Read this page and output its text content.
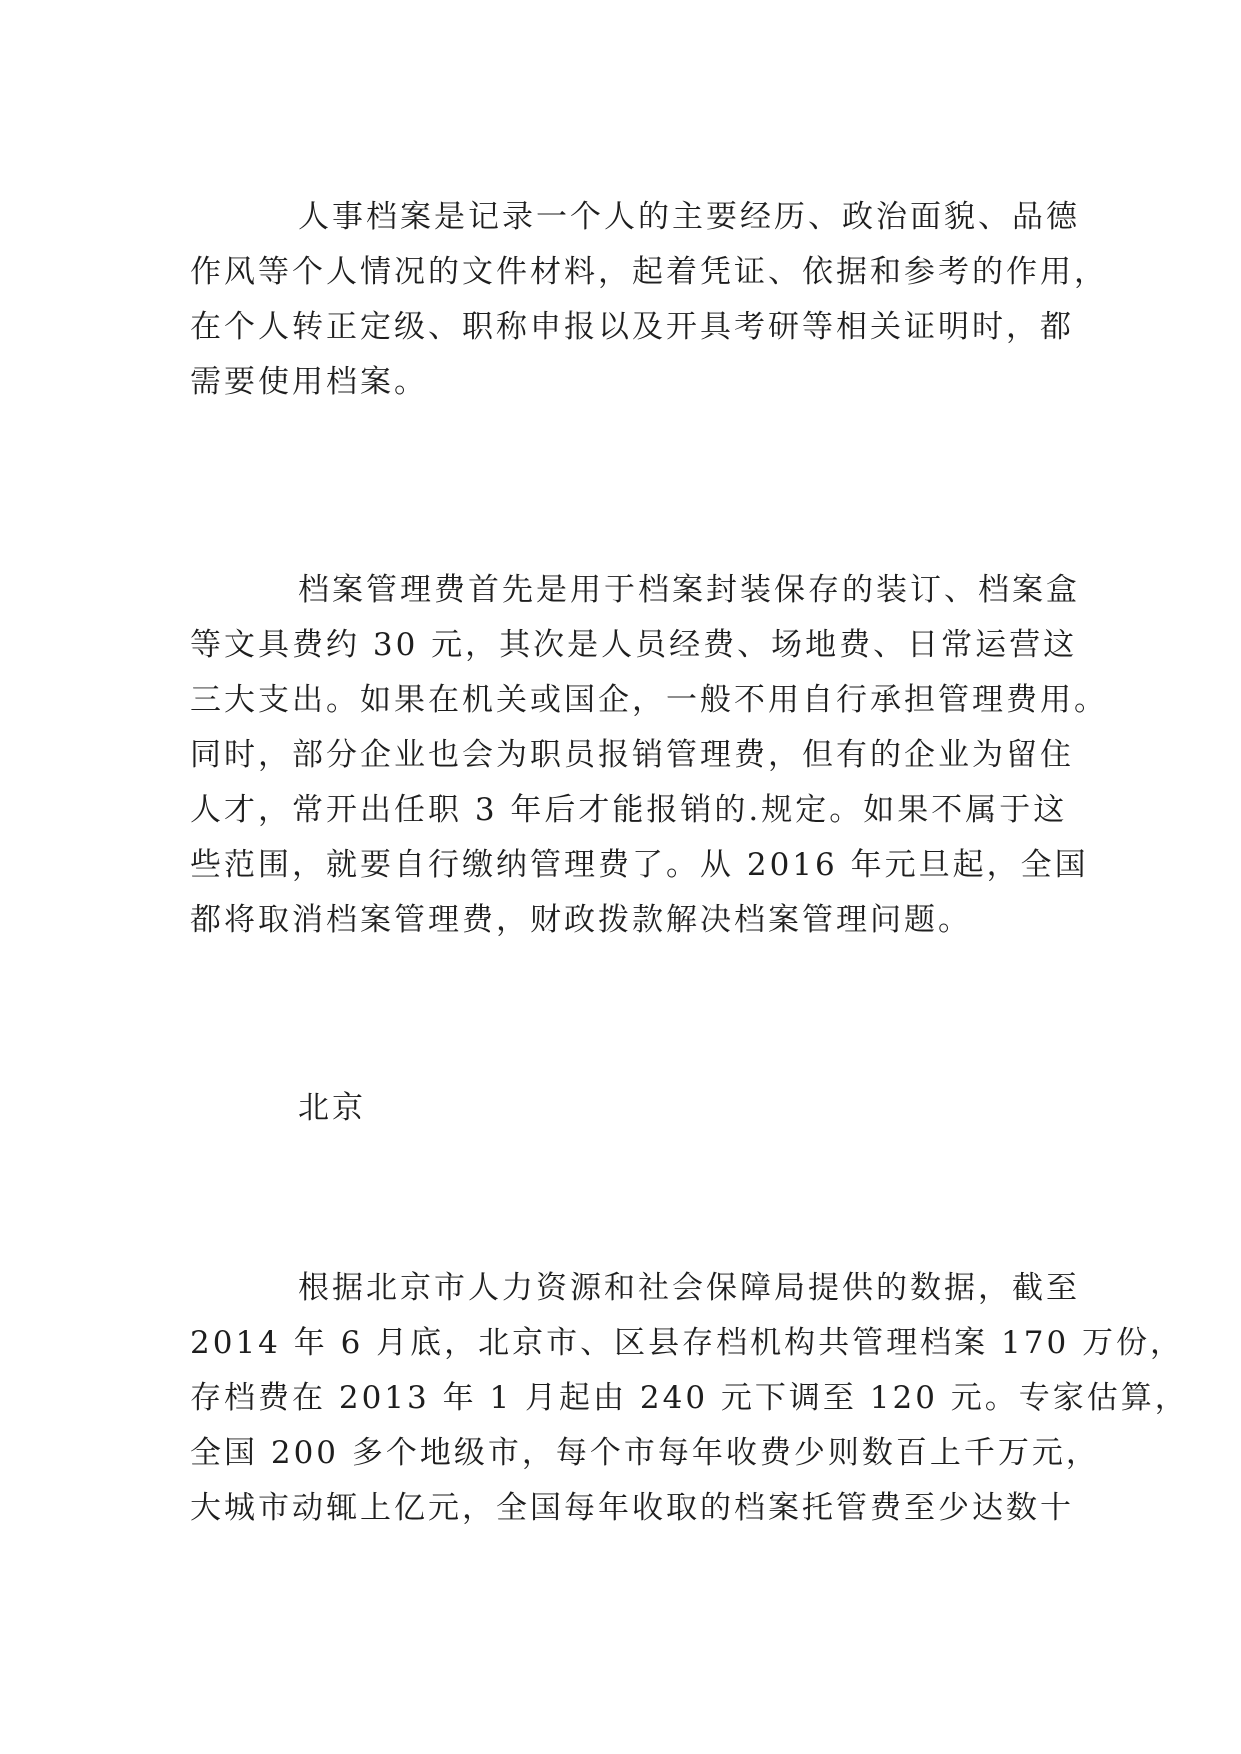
人事档案是记录一个人的主要经历、政治面貌、品德
作风等个人情况的文件材料，起着凭证、依据和参考的作用，
在个人转正定级、职称申报以及开具考研等相关证明时，都
需要使用档案。
档案管理费首先是用于档案封装保存的装订、档案盒
等文具费约 30 元，其次是人员经费、场地费、日常运营这
三大支出。如果在机关或国企，一般不用自行承担管理费用。
同时，部分企业也会为职员报销管理费，但有的企业为留住
人才，常开出任职 3 年后才能报销的.规定。如果不属于这
些范围，就要自行缴纳管理费了。从 2016 年元旦起，全国
都将取消档案管理费，财政拨款解决档案管理问题。
北京
根据北京市人力资源和社会保障局提供的数据，截至
2014 年 6 月底，北京市、区县存档机构共管理档案 170 万份，
存档费在 2013 年 1 月起由 240 元下调至 120 元。专家估算，
全国 200 多个地级市，每个市每年收费少则数百上千万元，
大城市动辄上亿元，全国每年收取的档案托管费至少达数十
